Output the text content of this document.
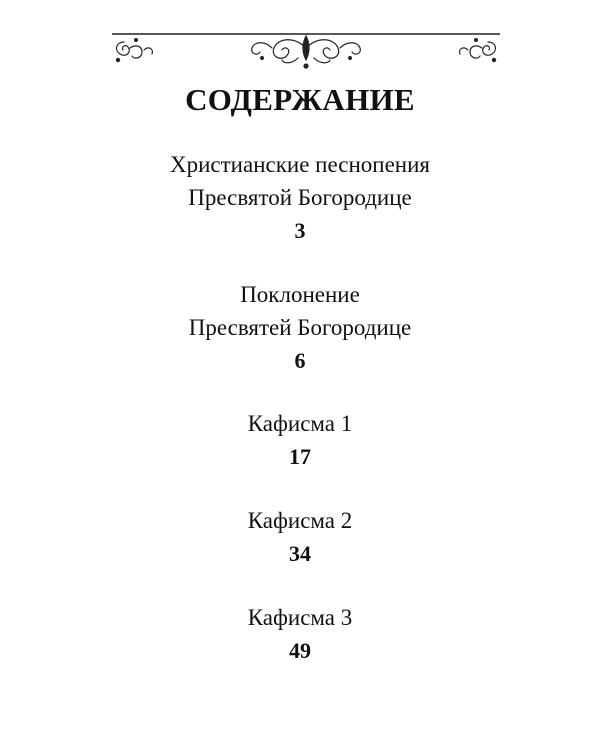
СОДЕРЖАНИЕ
Христианские песнопения
Пресвятой Богородице
3
Поклонение
Пресвятей Богородице
6
Кафисма 1
17
Кафисма 2
34
Кафисма 3
49
